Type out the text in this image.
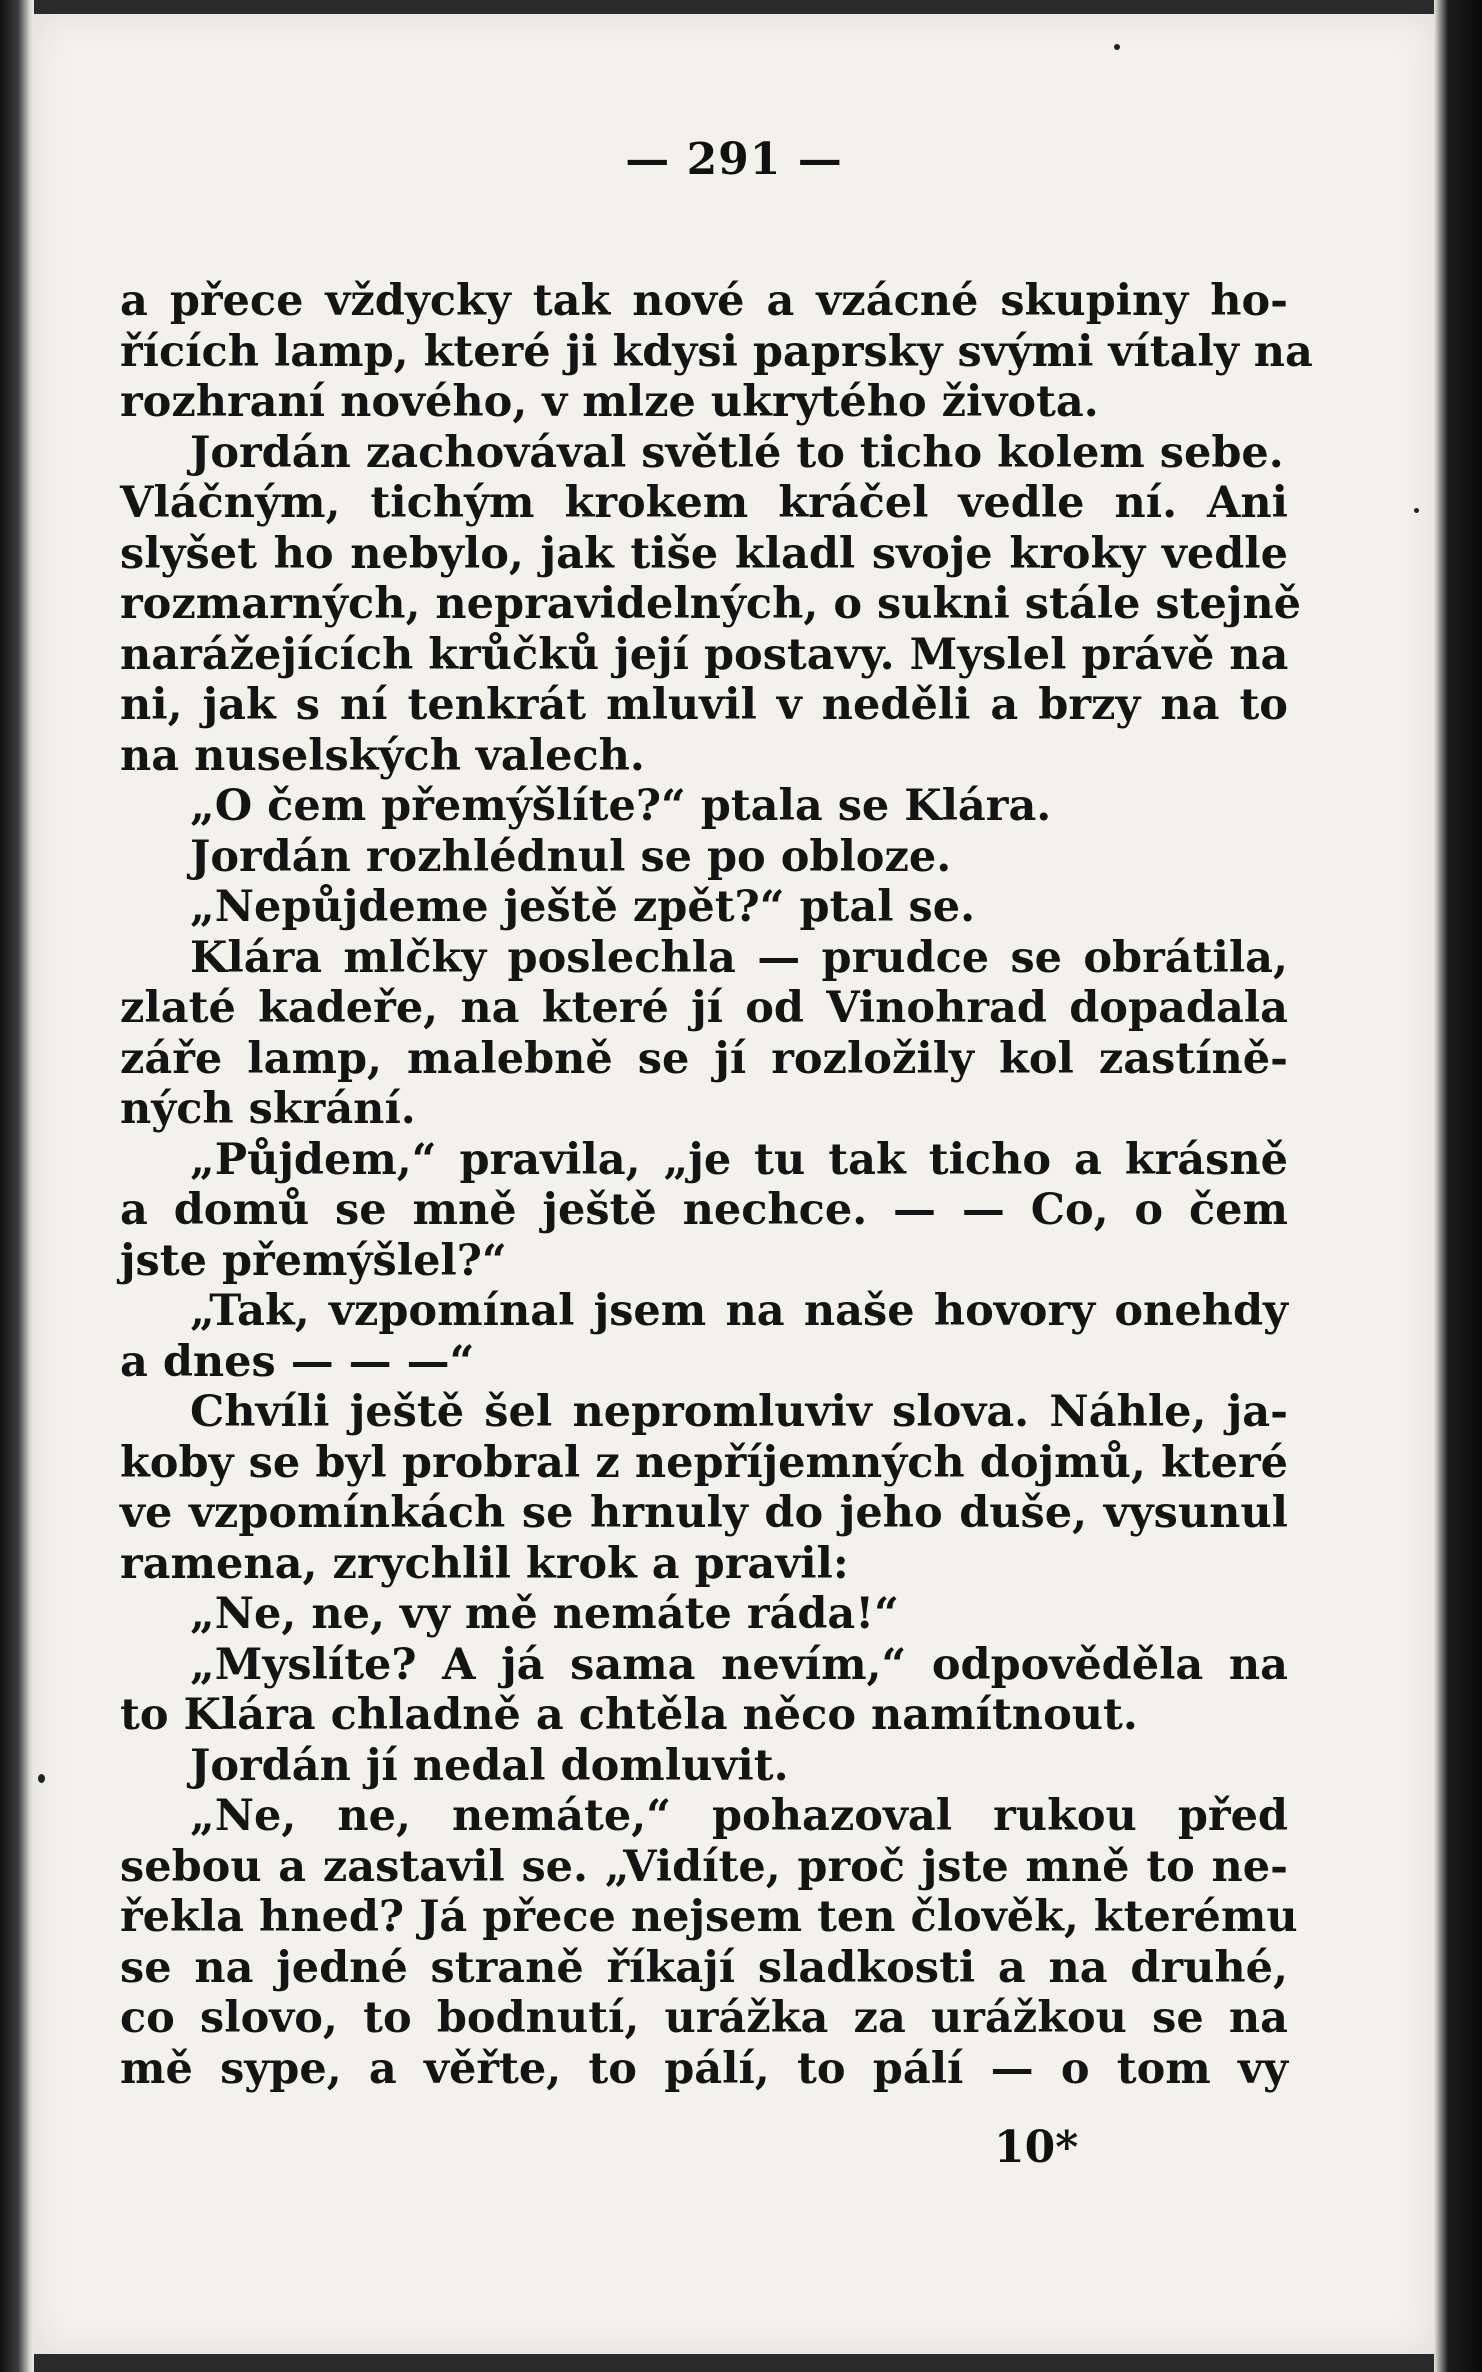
— 291 —
a přece vždycky tak nové a vzácné skupiny ho-
řících lamp, které ji kdysi paprsky svými vítaly na
rozhraní nového, v mlze ukrytého života.
Jordán zachovával světlé to ticho kolem sebe.
Vláčným, tichým krokem kráčel vedle ní. Ani
slyšet ho nebylo, jak tiše kladl svoje kroky vedle
rozmarných, nepravidelných, o sukni stále stejně
narážejících krůčků její postavy. Myslel právě na
ni, jak s ní tenkrát mluvil v neděli a brzy na to
na nuselských valech.
„O čem přemýšlíte?“ ptala se Klára.
Jordán rozhlédnul se po obloze.
„Nepůjdeme ještě zpět?“ ptal se.
Klára mlčky poslechla — prudce se obrátila,
zlaté kadeře, na které jí od Vinohrad dopadala
záře lamp, malebně se jí rozložily kol zastíně-
ných skrání.
„Půjdem,“ pravila, „je tu tak ticho a krásně
a domů se mně ještě nechce. — — Co, o čem
jste přemýšlel?“
„Tak, vzpomínal jsem na naše hovory onehdy
a dnes — — —“
Chvíli ještě šel nepromluviv slova. Náhle, ja-
koby se byl probral z nepříjemných dojmů, které
ve vzpomínkách se hrnuly do jeho duše, vysunul
ramena, zrychlil krok a pravil:
„Ne, ne, vy mě nemáte ráda!“
„Myslíte? A já sama nevím,“ odpověděla na
to Klára chladně a chtěla něco namítnout.
Jordán jí nedal domluvit.
„Ne, ne, nemáte,“ pohazoval rukou před
sebou a zastavil se. „Vidíte, proč jste mně to ne-
řekla hned? Já přece nejsem ten člověk, kterému
se na jedné straně říkají sladkosti a na druhé,
co slovo, to bodnutí, urážka za urážkou se na
mě sype, a věřte, to pálí, to pálí — o tom vy
10*
